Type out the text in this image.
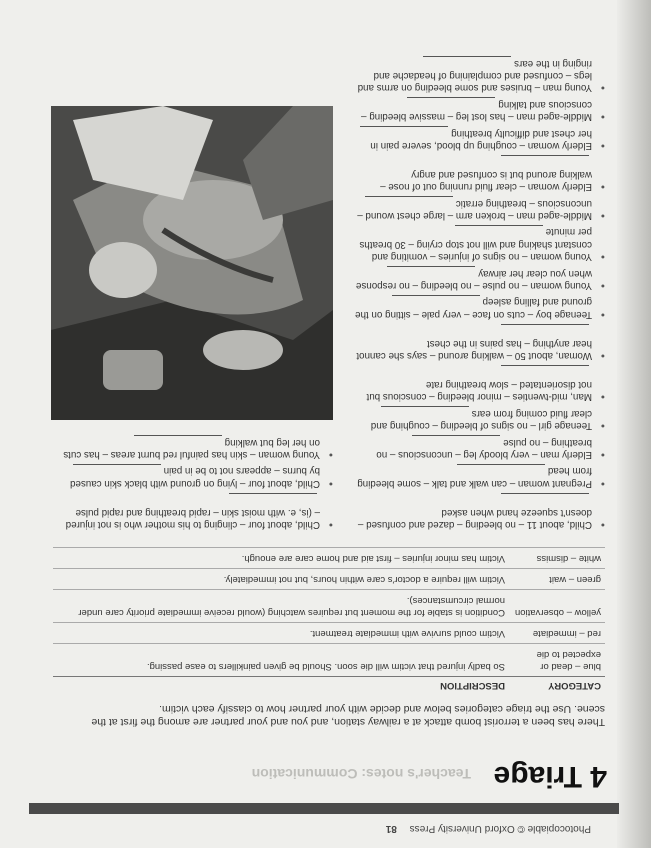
Photocopiable © Oxford University Press 81
4 Triage
Teacher's notes: Communication

There has been a terrorist bomb attack at a railway station, and you and your partner are among the first at the scene. Use the triage categories below and decide with your partner how to classify each victim.

CATEGORY	DESCRIPTION
blue – dead or expected to die	So badly injured that victim will die soon. Should be given painkillers to ease passing.
red – immediate	Victim could survive with immediate treatment.
yellow – observation	Condition is stable for the moment but requires watching (would receive immediate priority care under normal circumstances).
green – wait	Victim will require a doctor's care within hours, but not immediately.
white – dismiss	Victim has minor injuries – first aid and home care are enough.
● Child, about 11 – no bleeding – dazed and confused – doesn't squeeze hand when asked
● Pregnant woman – can walk and talk – some bleeding from head
● Elderly man – very bloody leg – unconscious – no breathing – no pulse
● Teenage girl – no signs of bleeding – coughing and clear fluid coming from ears
● Man, mid-twenties – minor bleeding – conscious but not disorientated – slow breathing rate
● Woman, about 50 – walking around – says she cannot hear anything – has pains in the chest
● Teenage boy – cuts on face – very pale – sitting on the ground and falling asleep
● Young woman – no pulse – no bleeding – no response when you clear her airway
● Young woman – no signs of injuries – vomiting and constant shaking and will not stop crying – 30 breaths per minute
● Middle-aged man – broken arm – large chest wound – unconscious – breathing erratic
● Elderly woman – clear fluid running out of nose – walking around but is confused and angry
● Elderly woman – coughing up blood, severe pain in her chest and difficulty breathing
● Middle-aged man – has lost leg – massive bleeding – conscious and talking
● Young man – bruises and some bleeding on arms and legs – confused and complaining of headache and ringing in the ears
● Child, about four – clinging to his mother who is not injured – (is, e. with moist skin – rapid breathing and rapid pulse
● Child, about four – lying on ground with black skin caused by burns – appears not to be in pain
● Young woman – skin has painful red burnt areas – has cuts on her leg but walking
